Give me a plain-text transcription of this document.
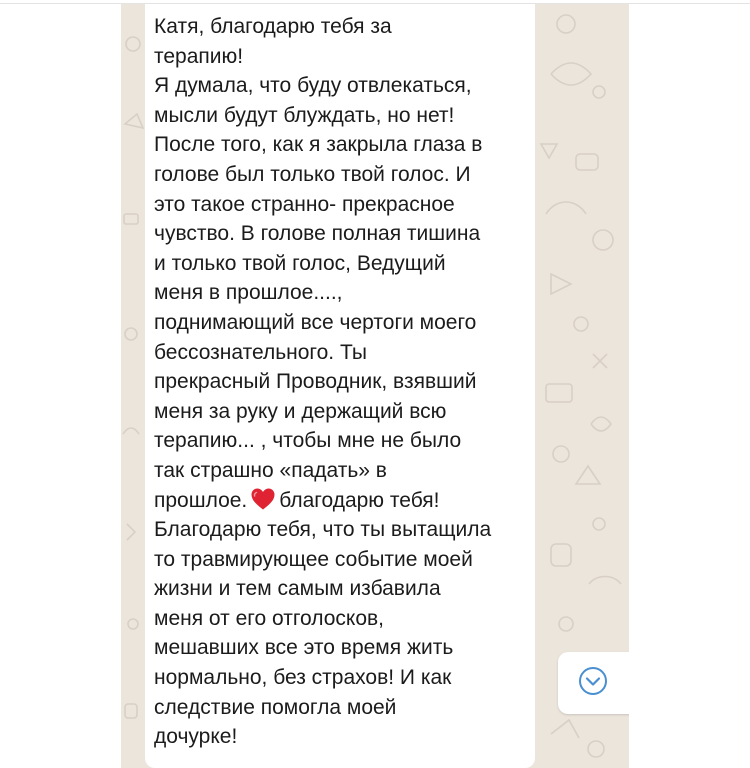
Катя, благодарю тебя за
терапию!
Я думала, что буду отвлекаться,
мысли будут блуждать, но нет!
После того, как я закрыла глаза в
голове был только твой голос. И
это такое странно- прекрасное
чувство. В голове полная тишина
и только твой голос, Ведущий
меня в прошлое....,
поднимающий все чертоги моего
бессознательного. Ты
прекрасный Проводник, взявший
меня за руку и держащий всю
терапию... , чтобы мне не было
так страшно «падать» в
прошлое. благодарю тебя!
Благодарю тебя, что ты вытащила
то травмирующее событие моей
жизни и тем самым избавила
меня от его отголосков,
мешавших все это время жить
нормально, без страхов! И как
следствие помогла моей
дочурке!
